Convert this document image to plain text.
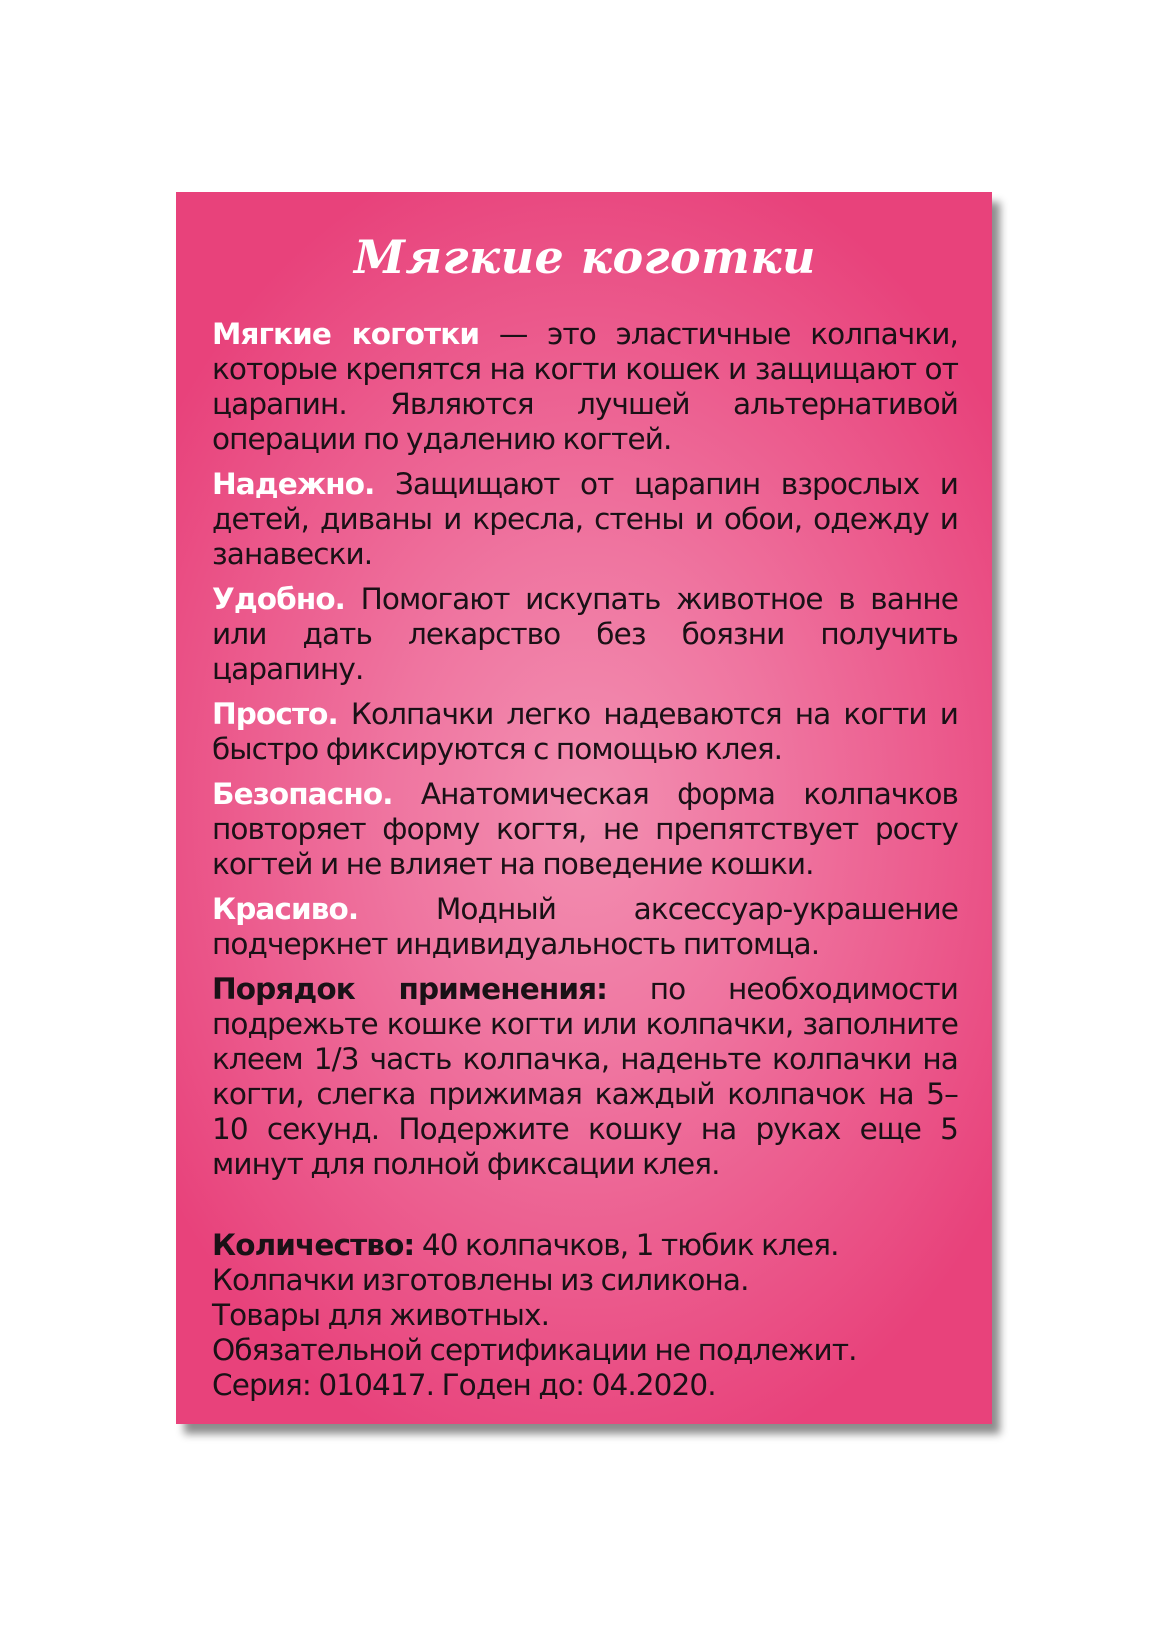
Мягкие коготки

Мягкие коготки — это эластичные колпачки, которые крепятся на когти кошек и защищают от царапин. Являются лучшей альтернативой операции по удалению когтей.

Надежно. Защищают от царапин взрослых и детей, диваны и кресла, стены и обои, одежду и занавески.

Удобно. Помогают искупать животное в ванне или дать лекарство без боязни получить царапину.

Просто. Колпачки легко надеваются на когти и быстро фиксируются с помощью клея.

Безопасно. Анатомическая форма колпачков повторяет форму когтя, не препятствует росту когтей и не влияет на поведение кошки.

Красиво. Модный аксессуар-украшение подчеркнет индивидуальность питомца.

Порядок применения: по необходимости подрежьте кошке когти или колпачки, заполните клеем 1/3 часть колпачка, наденьте колпачки на когти, слегка прижимая каждый колпачок на 5–10 секунд. Подержите кошку на руках еще 5 минут для полной фиксации клея.

Количество: 40 колпачков, 1 тюбик клея.
Колпачки изготовлены из силикона.
Товары для животных.
Обязательной сертификации не подлежит.
Серия: 010417. Годен до: 04.2020.
